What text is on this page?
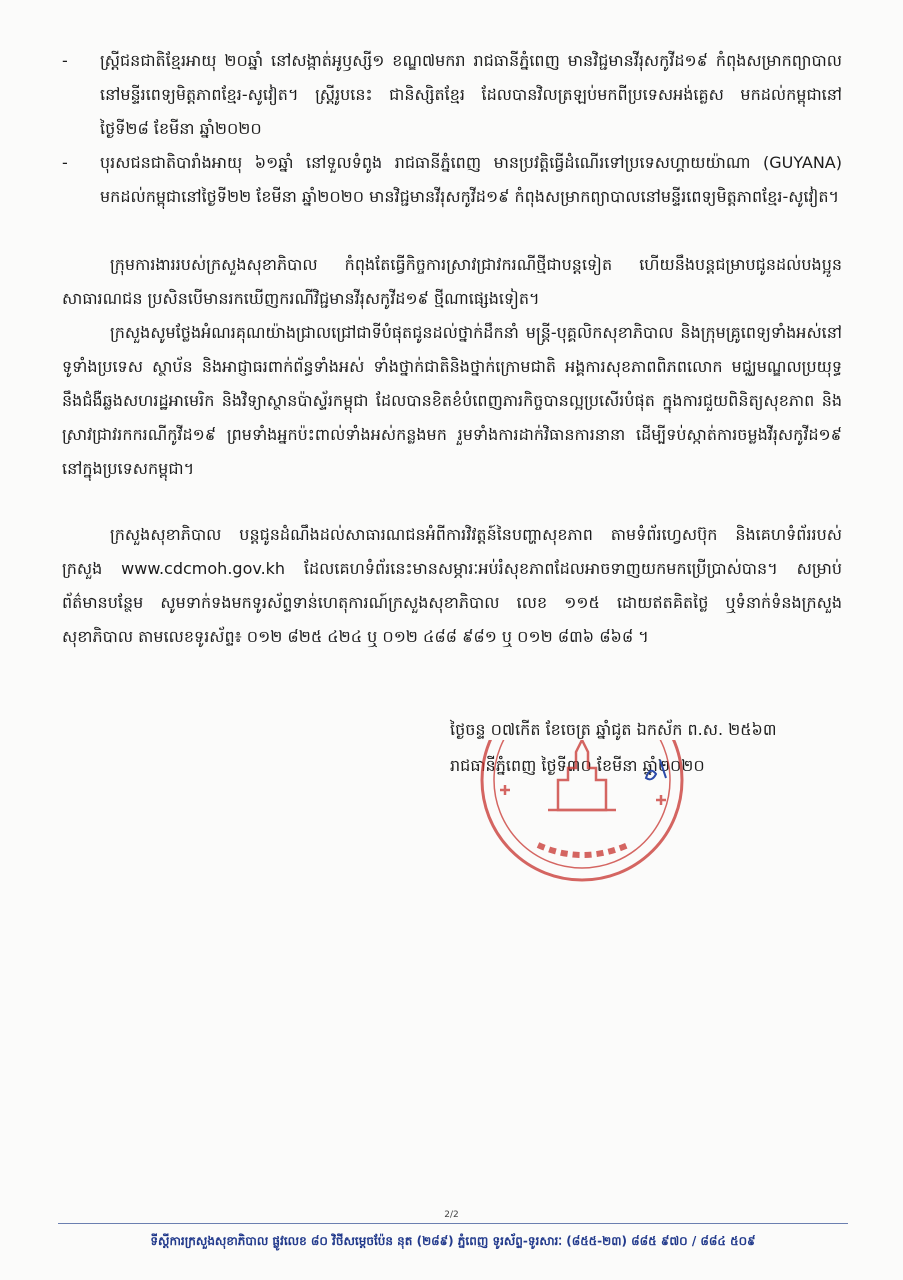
-	ស្ត្រីជនជាតិខ្មែរអាយុ ២០ឆ្នាំ នៅសង្កាត់អូឫស្សី១ ខណ្ឌ៧មករា រាជធានីភ្នំពេញ មានវិជ្ជមានវីរុសកូវីដ១៩ កំពុងសម្រាកព្យាបាលនៅមន្ទីរពេទ្យមិត្តភាពខ្មែរ-សូវៀត។ ស្ត្រីរូបនេះ ជានិស្សិតខ្មែរ ដែលបានវិលត្រឡប់មកពីប្រទេសអង់គ្លេស មកដល់កម្ពុជានៅថ្ងៃទី២៨ ខែមីនា ឆ្នាំ២០២០
-	បុរសជនជាតិបារាំងអាយុ ៦១ឆ្នាំ នៅទួលទំពូង រាជធានីភ្នំពេញ មានប្រវត្តិធ្វើដំណើរទៅប្រទេសហ្គាយយ៉ាណា (GUYANA) មកដល់កម្ពុជានៅថ្ងៃទី២២ ខែមីនា ឆ្នាំ២០២០ មានវិជ្ជមានវីរុសកូវីដ១៩ កំពុងសម្រាកព្យាបាលនៅមន្ទីរពេទ្យមិត្តភាពខ្មែរ-សូវៀត។

ក្រុមការងាររបស់ក្រសួងសុខាភិបាល កំពុងតែធ្វើកិច្ចការស្រាវជ្រាវករណីថ្មីជាបន្តទៀត ហើយនឹងបន្តជម្រាបជូនដល់បងប្អូនសាធារណជន ប្រសិនបើមានរកឃើញករណីវិជ្ជមានវីរុសកូវីដ១៩ ថ្មីណាផ្សេងទៀត។

ក្រសួងសូមថ្លែងអំណរគុណយ៉ាងជ្រាលជ្រៅជាទីបំផុតជូនដល់ថ្នាក់ដឹកនាំ មន្ត្រី-បុគ្គលិកសុខាភិបាល និងក្រុមគ្រូពេទ្យទាំងអស់នៅទូទាំងប្រទេស ស្ថាប័ន និងអាជ្ញាធរពាក់ព័ន្ធទាំងអស់ ទាំងថ្នាក់ជាតិនិងថ្នាក់ក្រោមជាតិ អង្គការសុខភាពពិភពលោក មជ្ឈមណ្ឌលប្រយុទ្ធនឹងជំងឺឆ្លងសហរដ្ឋអាមេរិក និងវិទ្យាស្ថានប៉ាស្ទ័រកម្ពុជា ដែលបានខិតខំបំពេញភារកិច្ចបានល្អប្រសើរបំផុត ក្នុងការជួយពិនិត្យសុខភាព និងស្រាវជ្រាវរកករណីកូវីដ១៩ ព្រមទាំងអ្នកប៉ះពាល់ទាំងអស់កន្លងមក រួមទាំងការដាក់វិធានការនានា ដើម្បីទប់ស្កាត់ការចម្លងវីរុសកូវីដ១៩ នៅក្នុងប្រទេសកម្ពុជា។

ក្រសួងសុខាភិបាល បន្តជូនដំណឹងដល់សាធារណជនអំពីការវិវត្តន៍នៃបញ្ហាសុខភាព តាមទំព័រហ្វេសប៊ុក និងគេហទំព័ររបស់ក្រសួង www.cdcmoh.gov.kh ដែលគេហទំព័រនេះមានសម្ភារៈអប់រំសុខភាពដែលអាចទាញយកមកប្រើប្រាស់បាន។ សម្រាប់ព័ត៌មានបន្ថែម សូមទាក់ទងមកទូរស័ព្ទទាន់ហេតុការណ៍ក្រសួងសុខាភិបាល លេខ ១១៥ ដោយឥតគិតថ្លៃ ឬទំនាក់ទំនងក្រសួងសុខាភិបាល តាមលេខទូរស័ព្ទ៖ ០១២ ៨២៥ ៤២៤ ឬ ០១២ ៤៨៨ ៩៨១ ឬ ០១២ ៨៣៦ ៨៦៨ ។

ថ្ងៃចន្ទ ០៧កើត ខែចេត្រ ឆ្នាំជូត ឯកស័ក ព.ស. ២៥៦៣
រាជធានីភ្នំពេញ ថ្ងៃទី៣០ ខែមីនា ឆ្នាំ២០២០
2/2
ទីស្តីការក្រសួងសុខាភិបាល ផ្លូវលេខ ៨០ វិថីសម្តេចប៉ែន នុត (២៨៩) ភ្នំពេញ ទូរស័ព្ទ-ទូរសារៈ (៨៥៥-២៣) ៨៨៥ ៩៧០ / ៨៨៤ ៥០៩
